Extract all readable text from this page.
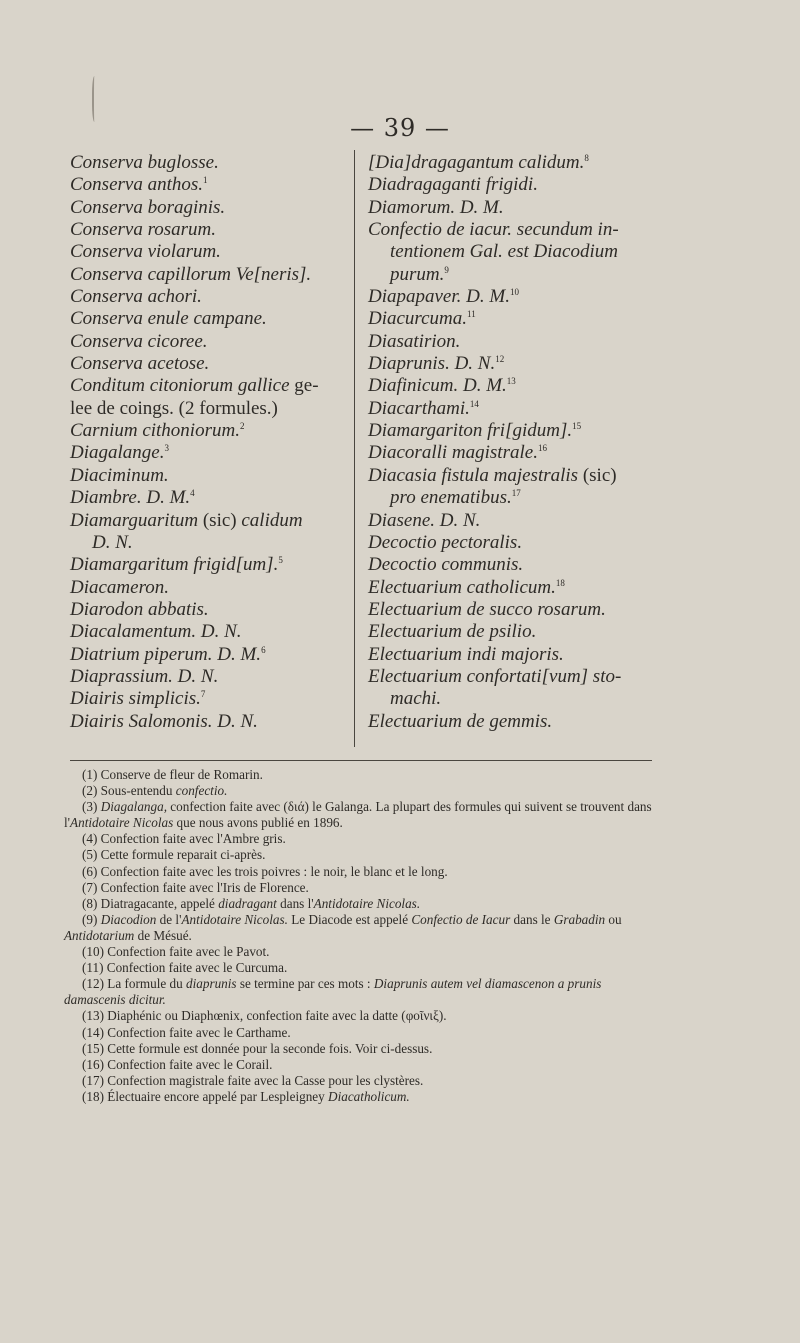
— 39 —
Conserva buglosse.
Conserva anthos.$^1$
Conserva boraginis.
Conserva rosarum.
Conserva violarum.
Conserva capillorum Ve[neris].
Conserva achori.
Conserva enule campane.
Conserva cicoree.
Conserva acetose.
Conditum citoniorum gallice ge-
lee de coings. (2 formules.)
Carnium cithoniorum.$^2$
Diagalange.$^3$
Diaciminum.
Diambre. D. M.$^4$
Diamarguaritum (sic) calidum
D. N.
Diamargaritum frigid[um].$^5$
Diacameron.
Diarodon abbatis.
Diacalamentum. D. N.
Diatrium piperum. D. M.$^6$
Diaprassium. D. N.
Diairis simplicis.$^7$
Diairis Salomonis. D. N.
[Dia]dragagantum calidum.$^8$
Diadragaganti frigidi.
Diamorum. D. M.
Confectio de iacur. secundum in-
tentionem Gal. est Diacodium
purum.$^9$
Diapapaver. D. M.$^{10}$
Diacurcuma.$^{11}$
Diasatirion.
Diaprunis. D. N.$^{12}$
Diafinicum. D. M.$^{13}$
Diacarthami.$^{14}$
Diamargariton fri[gidum].$^{15}$
Diacoralli magistrale.$^{16}$
Diacasia fistula majestralis (sic)
pro enematibus.$^{17}$
Diasene. D. N.
Decoctio pectoralis.
Decoctio communis.
Electuarium catholicum.$^{18}$
Electuarium de succo rosarum.
Electuarium de psilio.
Electuarium indi majoris.
Electuarium confortati[vum] sto-
machi.
Electuarium de gemmis.
(1) Conserve de fleur de Romarin.
(2) Sous-entendu confectio.
(3) Diagalanga, confection faite avec (διά) le Galanga. La plupart des formules qui suivent se trouvent dans l'Antidotaire Nicolas que nous avons publié en 1896.
(4) Confection faite avec l'Ambre gris.
(5) Cette formule reparait ci-après.
(6) Confection faite avec les trois poivres : le noir, le blanc et le long.
(7) Confection faite avec l'Iris de Florence.
(8) Diatragacante, appelé diadragant dans l'Antidotaire Nicolas.
(9) Diacodion de l'Antidotaire Nicolas. Le Diacode est appelé Confectio de Iacur dans le Grabadin ou Antidotarium de Mésué.
(10) Confection faite avec le Pavot.
(11) Confection faite avec le Curcuma.
(12) La formule du diaprunis se termine par ces mots : Diaprunis autem vel diamascenon a prunis damascenis dicitur.
(13) Diaphénic ou Diaphœnix, confection faite avec la datte (φοῖνιξ).
(14) Confection faite avec le Carthame.
(15) Cette formule est donnée pour la seconde fois. Voir ci-dessus.
(16) Confection faite avec le Corail.
(17) Confection magistrale faite avec la Casse pour les clystères.
(18) Électuaire encore appelé par Lespleigney Diacatholicum.
